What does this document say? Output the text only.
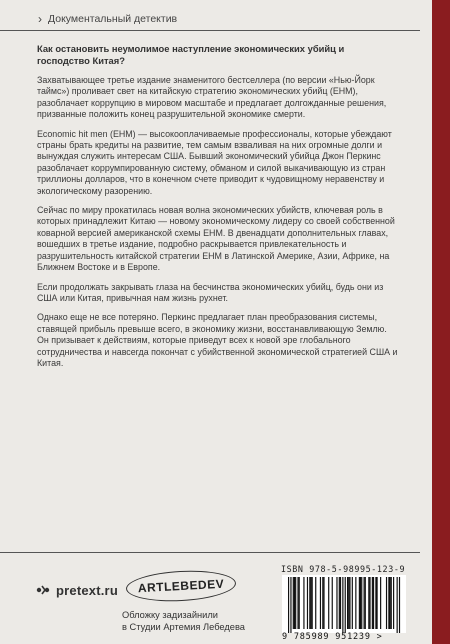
› Документальный детектив
Как остановить неумолимое наступление экономических убийц и господство Китая?

Захватывающее третье издание знаменитого бестселлера (по версии «Нью-Йорк таймс») проливает свет на китайскую стратегию экономических убийц (ЕНМ), разоблачает коррупцию в мировом масштабе и предлагает долгожданные решения, призванные положить конец разрушительной экономике смерти.

Economic hit men (ЕНМ) — высокооплачиваемые профессионалы, которые убеждают страны брать кредиты на развитие, тем самым взваливая на них огромные долги и вынуждая служить интересам США. Бывший экономический убийца Джон Перкинс разоблачает коррумпированную систему, обманом и силой выкачивающую из стран триллионы долларов, что в конечном счете приводит к чудовищному неравенству и экологическому разорению.

Сейчас по миру прокатилась новая волна экономических убийств, ключевая роль в которых принадлежит Китаю — новому экономическому лидеру со своей собственной коварной версией американской схемы ЕНМ. В двенадцати дополнительных главах, вошедших в третье издание, подробно раскрывается привлекательность и разрушительность китайской стратегии ЕНМ в Латинской Америке, Азии, Африке, на Ближнем Востоке и в Европе.

Если продолжать закрывать глаза на бесчинства экономических убийц, будь они из США или Китая, привычная нам жизнь рухнет.

Однако еще не все потеряно. Перкинс предлагает план преобразования системы, ставящей прибыль превыше всего, в экономику жизни, восстанавливающую Землю. Он призывает к действиям, которые приведут всех к новой эре глобального сотрудничества и навсегда покончат с убийственной экономической стратегией США и Китая.

pretext.ru	ARTLEBEDEV
Обложку задизайнили
в Студии Артемия Лебедева
ISBN 978-5-98995-123-9
9 785989 951239 >
